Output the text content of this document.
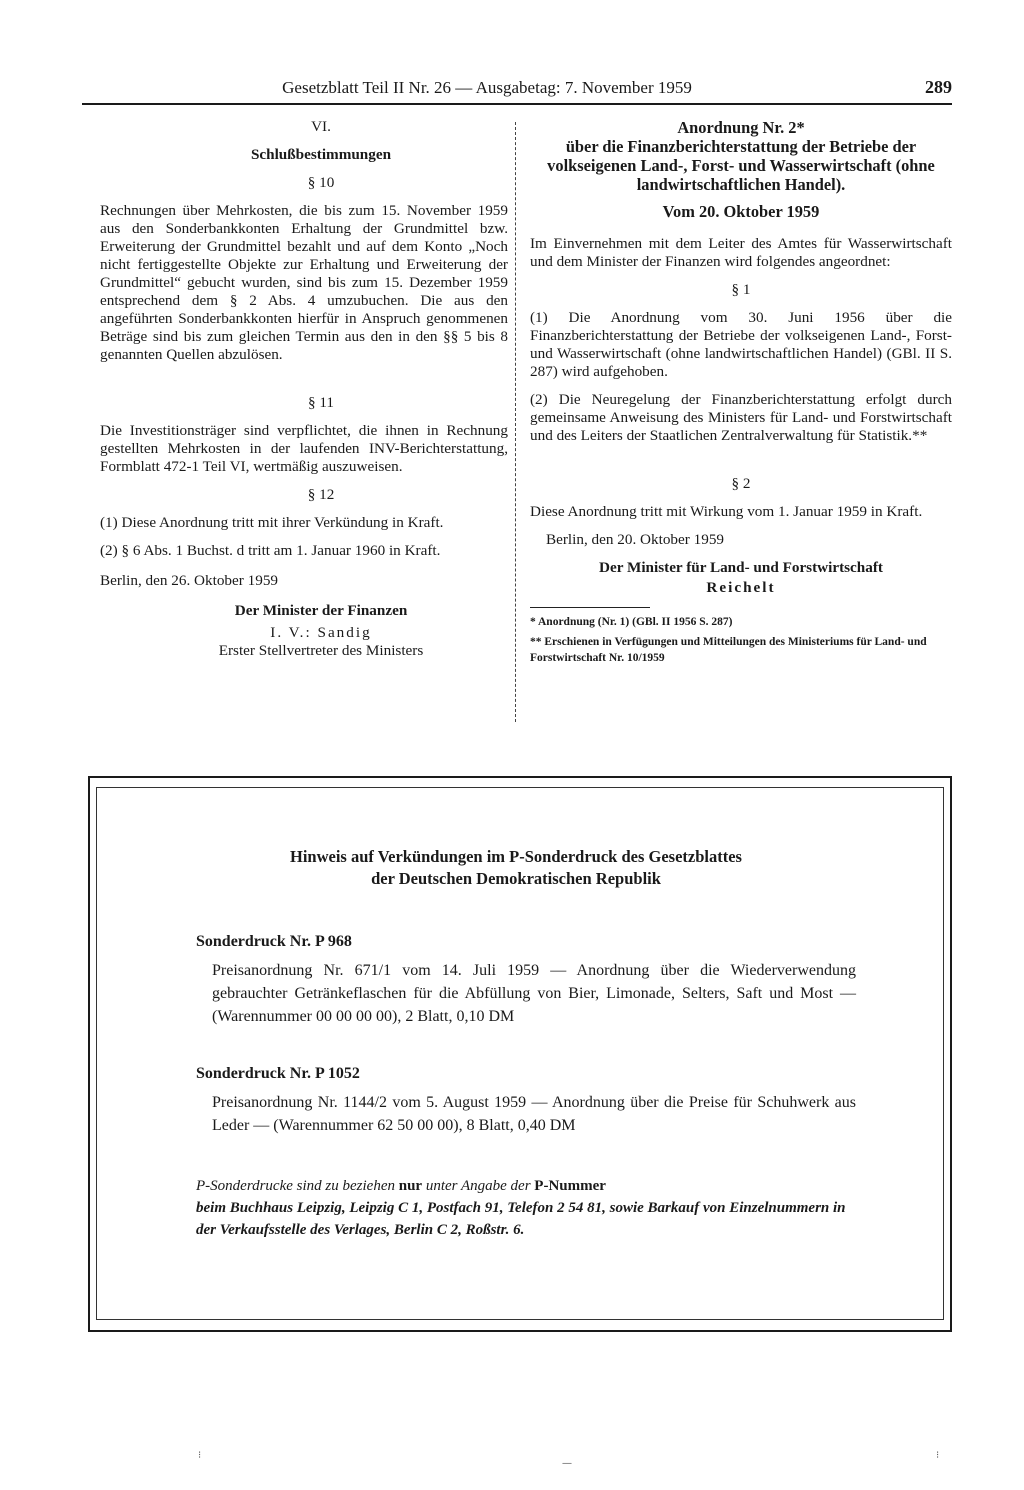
Gesetzblatt Teil II Nr. 26 — Ausgabetag: 7. November 1959	289
VI.
Schlußbestimmungen
§ 10

Rechnungen über Mehrkosten, die bis zum 15. November 1959 aus den Sonderbankkonten Erhaltung der Grundmittel bzw. Erweiterung der Grundmittel bezahlt und auf dem Konto „Noch nicht fertiggestellte Objekte zur Erhaltung und Erweiterung der Grundmittel“ gebucht wurden, sind bis zum 15. Dezember 1959 entsprechend dem § 2 Abs. 4 umzubuchen. Die aus den angeführten Sonderbankkonten hierfür in Anspruch genommenen Beträge sind bis zum gleichen Termin aus den in den §§ 5 bis 8 genannten Quellen abzulösen.

§ 11

Die Investitionsträger sind verpflichtet, die ihnen in Rechnung gestellten Mehrkosten in der laufenden INV-Berichterstattung, Formblatt 472-1 Teil VI, wertmäßig auszuweisen.

§ 12

(1) Diese Anordnung tritt mit ihrer Verkündung in Kraft.

(2) § 6 Abs. 1 Buchst. d tritt am 1. Januar 1960 in Kraft.

Berlin, den 26. Oktober 1959
Der Minister der Finanzen
I. V.: Sandig
Erster Stellvertreter des Ministers
Anordnung Nr. 2*
über die Finanzberichterstattung der Betriebe der volkseigenen Land-, Forst- und Wasserwirtschaft (ohne landwirtschaftlichen Handel).
Vom 20. Oktober 1959

Im Einvernehmen mit dem Leiter des Amtes für Wasserwirtschaft und dem Minister der Finanzen wird folgendes angeordnet:

§ 1

(1) Die Anordnung vom 30. Juni 1956 über die Finanzberichterstattung der Betriebe der volkseigenen Land-, Forst- und Wasserwirtschaft (ohne landwirtschaftlichen Handel) (GBl. II S. 287) wird aufgehoben.

(2) Die Neuregelung der Finanzberichterstattung erfolgt durch gemeinsame Anweisung des Ministers für Land- und Forstwirtschaft und des Leiters der Staatlichen Zentralverwaltung für Statistik.**

§ 2

Diese Anordnung tritt mit Wirkung vom 1. Januar 1959 in Kraft.

Berlin, den 20. Oktober 1959
Der Minister für Land- und Forstwirtschaft
Reichelt
* Anordnung (Nr. 1) (GBl. II 1956 S. 287)
** Erschienen in Verfügungen und Mitteilungen des Ministeriums für Land- und Forstwirtschaft Nr. 10/1959
Hinweis auf Verkündungen im P-Sonderdruck des Gesetzblattes
der Deutschen Demokratischen Republik
Sonderdruck Nr. P 968
Preisanordnung Nr. 671/1 vom 14. Juli 1959 — Anordnung über die Wiederverwendung gebrauchter Getränkeflaschen für die Abfüllung von Bier, Limonade, Selters, Saft und Most — (Warennummer 00 00 00 00), 2 Blatt, 0,10 DM
Sonderdruck Nr. P 1052
Preisanordnung Nr. 1144/2 vom 5. August 1959 — Anordnung über die Preise für Schuhwerk aus Leder — (Warennummer 62 50 00 00), 8 Blatt, 0,40 DM
P-Sonderdrucke sind zu beziehen nur unter Angabe der P-Nummer
beim Buchhaus Leipzig, Leipzig C 1, Postfach 91, Telefon 2 54 81, sowie Barkauf von Einzelnummern in der Verkaufsstelle des Verlages, Berlin C 2, Roßstr. 6.
⁝
—
⁝
